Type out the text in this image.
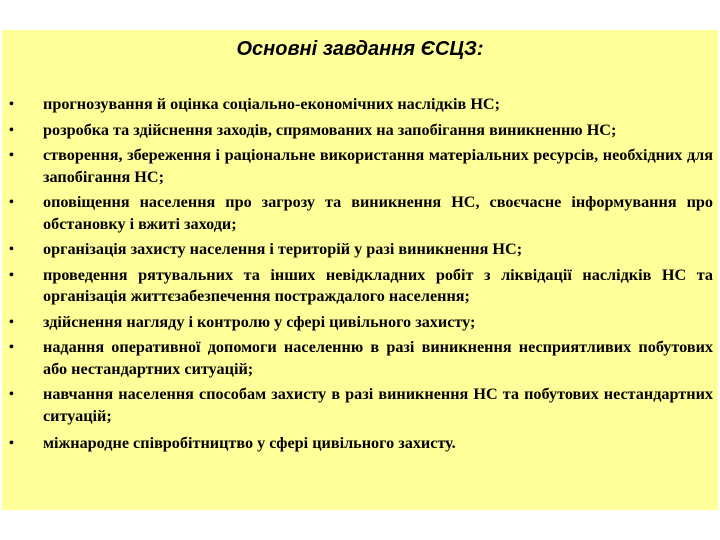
Основні завдання ЄСЦЗ:
• прогнозування й оцінка соціально-економічних наслідків НС;
• розробка та здійснення заходів, спрямованих на запобігання виникненню НС;
• створення, збереження і раціональне використання матеріальних ресурсів, необхідних для запобігання НС;
• оповіщення населення про загрозу та виникнення НС, своєчасне інформування про обстановку і вжиті заходи;
• організація захисту населення і територій у разі виникнення НС;
• проведення рятувальних та інших невідкладних робіт з ліквідації наслідків НС та організація життєзабезпечення постраждалого населення;
• здійснення нагляду і контролю у сфері цивільного захисту;
• надання оперативної допомоги населенню в разі виникнення несприятливих побутових або нестандартних ситуацій;
• навчання населення способам захисту в разі виникнення НС та побутових нестандартних ситуацій;
• міжнародне співробітництво у сфері цивільного захисту.
